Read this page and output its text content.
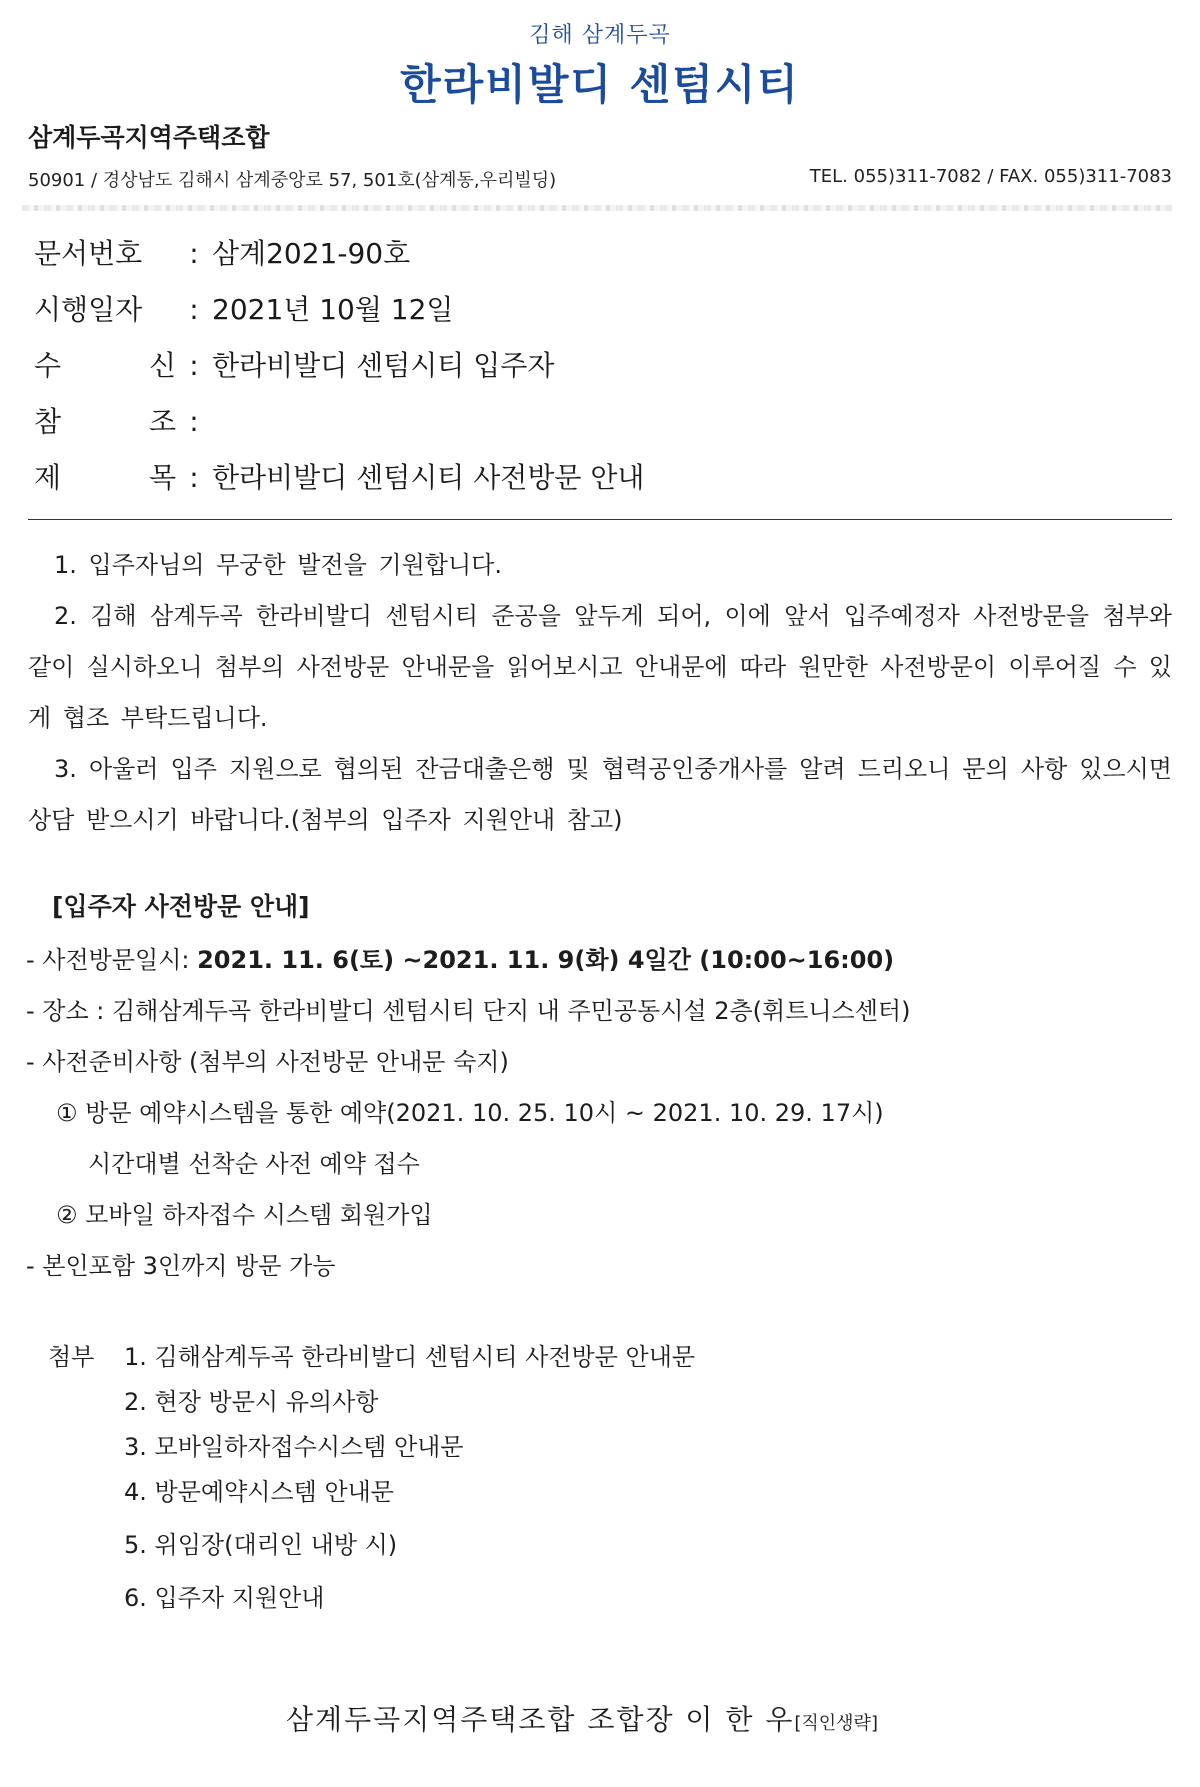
김해 삼계두곡
한라비발디 센텀시티
삼계두곡지역주택조합
50901 / 경상남도 김해시 삼계중앙로 57, 501호(삼계동,우리빌딩)	TEL. 055)311-7082 / FAX. 055)311-7083
문서번호	: 삼계2021-90호
시행일자	: 2021년 10월 12일
수	신 : 한라비발디 센텀시티 입주자
참	조 :
제	목 : 한라비발디 센텀시티 사전방문 안내
1. 입주자님의 무궁한 발전을 기원합니다.
2. 김해 삼계두곡 한라비발디 센텀시티 준공을 앞두게 되어, 이에 앞서 입주예정자 사전방문을 첨부와 같이 실시하오니 첨부의 사전방문 안내문을 읽어보시고 안내문에 따라 원만한 사전방문이 이루어질 수 있게 협조 부탁드립니다.
3. 아울러 입주 지원으로 협의된 잔금대출은행 및 협력공인중개사를 알려 드리오니 문의 사항 있으시면 상담 받으시기 바랍니다.(첨부의 입주자 지원안내 참고)
[입주자 사전방문 안내]
- 사전방문일시: 2021. 11. 6(토) ~2021. 11. 9(화) 4일간 (10:00~16:00)
- 장소 : 김해삼계두곡 한라비발디 센텀시티 단지 내 주민공동시설 2층(휘트니스센터)
- 사전준비사항 (첨부의 사전방문 안내문 숙지)
① 방문 예약시스템을 통한 예약(2021. 10. 25. 10시 ~ 2021. 10. 29. 17시)
시간대별 선착순 사전 예약 접수
② 모바일 하자접수 시스템 회원가입
- 본인포함 3인까지 방문 가능
첨부 1. 김해삼계두곡 한라비발디 센텀시티 사전방문 안내문
2. 현장 방문시 유의사항
3. 모바일하자접수시스템 안내문
4. 방문예약시스템 안내문
5. 위임장(대리인 내방 시)
6. 입주자 지원안내
삼계두곡지역주택조합 조합장 이 한 우[직인생략]
